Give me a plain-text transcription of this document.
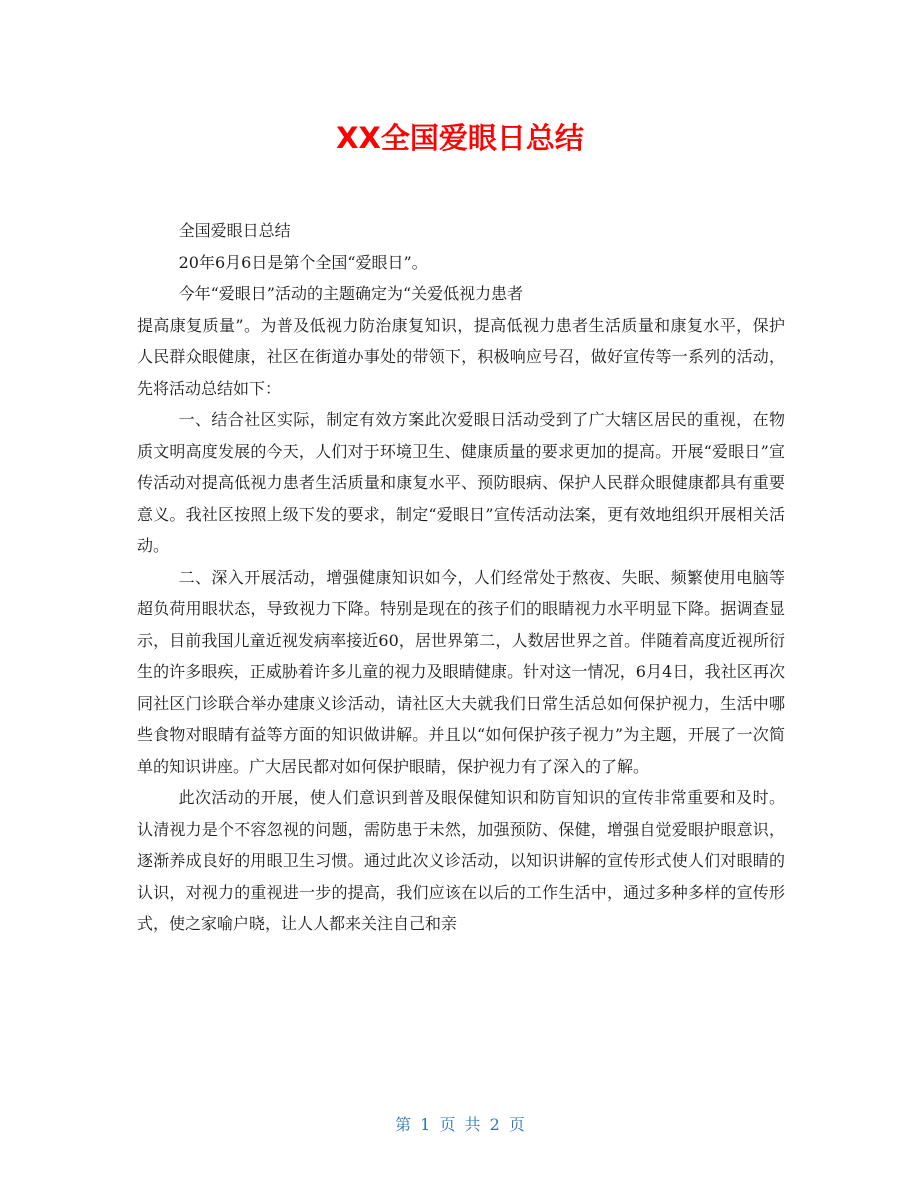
XX全国爱眼日总结

全国爱眼日总结

20年6月6日是第个全国“爱眼日”。

今年“爱眼日”活动的主题确定为“关爱低视力患者

提高康复质量”。为普及低视力防治康复知识，提高低视力患者生活质量和康复水平，保护人民群众眼健康，社区在街道办事处的带领下，积极响应号召，做好宣传等一系列的活动，先将活动总结如下：

一、结合社区实际，制定有效方案此次爱眼日活动受到了广大辖区居民的重视，在物质文明高度发展的今天，人们对于环境卫生、健康质量的要求更加的提高。开展“爱眼日”宣传活动对提高低视力患者生活质量和康复水平、预防眼病、保护人民群众眼健康都具有重要意义。我社区按照上级下发的要求，制定“爱眼日”宣传活动法案，更有效地组织开展相关活动。

二、深入开展活动，增强健康知识如今，人们经常处于熬夜、失眠、频繁使用电脑等超负荷用眼状态，导致视力下降。特别是现在的孩子们的眼睛视力水平明显下降。据调查显示，目前我国儿童近视发病率接近60，居世界第二，人数居世界之首。伴随着高度近视所衍生的许多眼疾，正威胁着许多儿童的视力及眼睛健康。针对这一情况，6月4日，我社区再次同社区门诊联合举办建康义诊活动，请社区大夫就我们日常生活总如何保护视力，生活中哪些食物对眼睛有益等方面的知识做讲解。并且以“如何保护孩子视力”为主题，开展了一次简单的知识讲座。广大居民都对如何保护眼睛，保护视力有了深入的了解。

此次活动的开展，使人们意识到普及眼保健知识和防盲知识的宣传非常重要和及时。认清视力是个不容忽视的问题，需防患于未然，加强预防、保健，增强自觉爱眼护眼意识，逐渐养成良好的用眼卫生习惯。通过此次义诊活动，以知识讲解的宣传形式使人们对眼睛的认识，对视力的重视进一步的提高，我们应该在以后的工作生活中，通过多种多样的宣传形式，使之家喻户晓，让人人都来关注自己和亲

第 1 页 共 2 页
